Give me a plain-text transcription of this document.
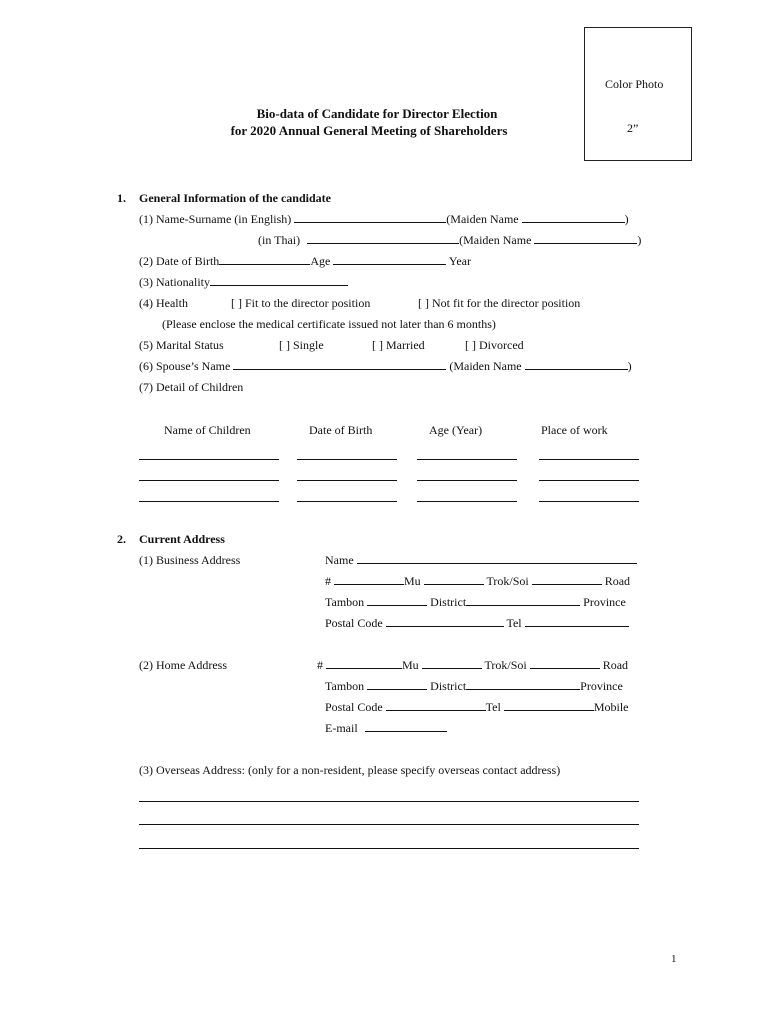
Color Photo
2”
Bio-data of Candidate for Director Election
for 2020 Annual General Meeting of Shareholders
1. General Information of the candidate
(1) Name-Surname (in English)	(Maiden Name	)
(in Thai)	(Maiden Name	)
(2) Date of Birth	Age	Year
(3) Nationality
(4) Health	[ ] Fit to the director position	[ ] Not fit for the director position
(Please enclose the medical certificate issued not later than 6 months)
(5) Marital Status	[ ] Single	[ ] Married	[ ] Divorced
(6) Spouse’s Name	(Maiden Name	)
(7) Detail of Children
Name of Children	Date of Birth	Age (Year)	Place of work
2. Current Address
(1) Business Address	Name
#	Mu	Trok/Soi	Road
Tambon	District	Province
Postal Code	Tel
(2) Home Address	#	Mu	Trok/Soi	Road
Tambon	District	Province
Postal Code	Tel	Mobile
E-mail
(3) Overseas Address: (only for a non-resident, please specify overseas contact address)
1
